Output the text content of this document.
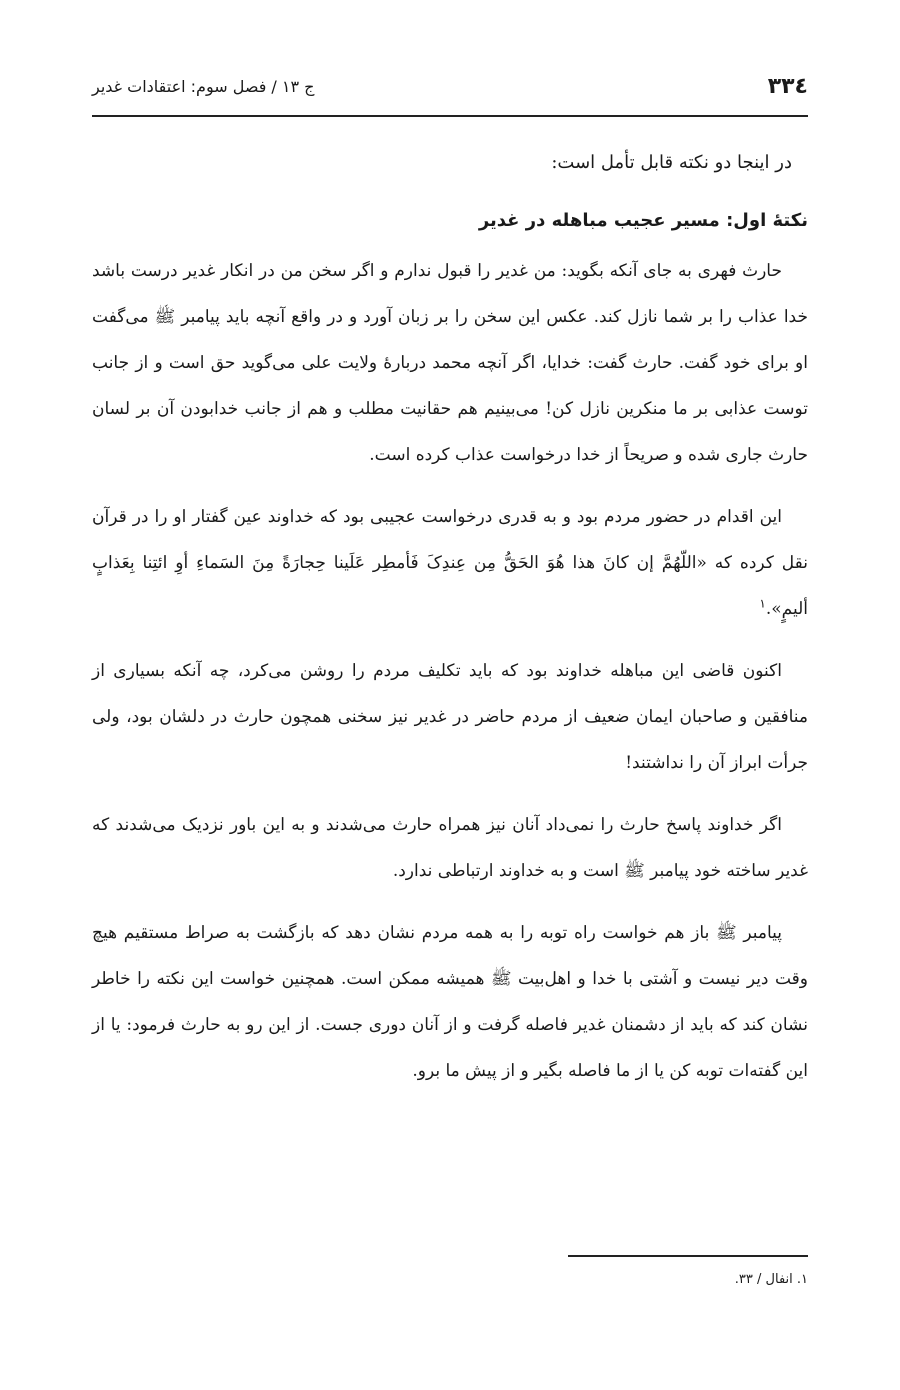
۳۳٤
ج ۱۳ / فصل سوم: اعتقادات غدیر

در اینجا دو نکته قابل تأمل است:

نکتۀ اول: مسیر عجیب مباهله در غدیر

حارث فهری به جای آنکه بگوید: من غدیر را قبول ندارم و اگر سخن من در انکار غدیر درست باشد خدا عذاب را بر شما نازل کند. عکس این سخن را بر زبان آورد و در واقع آنچه باید پیامبر ﷺ می‌گفت او برای خود گفت. حارث گفت: خدایا، اگر آنچه محمد دربارۀ ولایت علی می‌گوید حق است و از جانب توست عذابی بر ما منکرین نازل کن! می‌بینیم هم حقانیت مطلب و هم از جانب خدابودن آن بر لسان حارث جاری شده و صریحاً از خدا درخواست عذاب کرده است.

این اقدام در حضور مردم بود و به قدری درخواست عجیبی بود که خداوند عین گفتار او را در قرآن نقل کرده که «اللّهُمَّ إن کانَ هذا هُوَ الحَقُّ مِن عِندِکَ فَأمطِر عَلَینا حِجارَةً مِنَ السَماءِ أوِ ائتِنا بِعَذابٍ ألیمٍ».$^۱$

اکنون قاضی این مباهله خداوند بود که باید تکلیف مردم را روشن می‌کرد، چه آنکه بسیاری از منافقین و صاحبان ایمان ضعیف از مردم حاضر در غدیر نیز سخنی همچون حارث در دلشان بود، ولی جرأت ابراز آن را نداشتند!

اگر خداوند پاسخ حارث را نمی‌داد آنان نیز همراه حارث می‌شدند و به این باور نزدیک می‌شدند که غدیر ساخته خود پیامبر ﷺ است و به خداوند ارتباطی ندارد.

پیامبر ﷺ باز هم خواست راه توبه را به همه مردم نشان دهد که بازگشت به صراط مستقیم هیچ وقت دیر نیست و آشتی با خدا و اهل‌بیت ﷺ همیشه ممکن است. همچنین خواست این نکته را خاطر نشان کند که باید از دشمنان غدیر فاصله گرفت و از آنان دوری جست. از این رو به حارث فرمود: یا از این گفته‌ات توبه کن یا از ما فاصله بگیر و از پیش ما برو.

۱. انفال / ۳۳.
